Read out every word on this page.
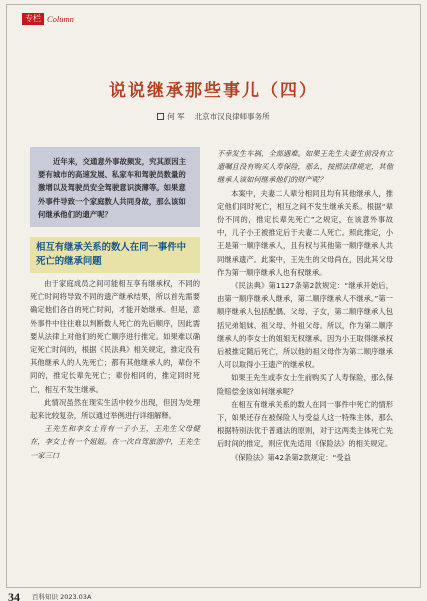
专栏 Column
说说继承那些事儿（四）
何 军 北京市汉良律师事务所
近年来，交通意外事故频发，究其原因主要有城市的高速发展、私家车和驾驶员数量的激增以及驾驶员安全驾驶意识淡薄等。如果意外事件导致一个家庭数人共同身故，那么该如何继承他们的遗产呢？
相互有继承关系的数人在同一事件中死亡的继承问题

由于家庭成员之间可能相互享有继承权，不同的死亡时间将导致不同的遗产继承结果，所以首先需要确定他们各自的死亡时间，才能开始继承。但是，意外事件中往往难以判断数人死亡的先后顺序，因此需要从法律上对他们的死亡顺序进行推定。如果难以确定死亡时间的，根据《民法典》相关规定，推定没有其他继承人的人先死亡；都有其他继承人的，辈份不同的，推定长辈先死亡；辈份相同的，推定同时死亡，相互不发生继承。

此情况虽然在现实生活中较少出现，但因为处理起来比较复杂，所以通过举例进行详细解释。

王先生和李女士育有一子小王，王先生父母健在，李女士有一个姐姐。在一次自驾旅游中，王先生一家三口

不幸发生车祸，全部遇难。如果王先生夫妻生前没有立遗嘱且没有购买人寿保险，那么，按照法律规定，其他继承人该如何继承他们的财产呢？

本案中，夫妻二人辈分相同且均有其他继承人，推定他们同时死亡，相互之间不发生继承关系。根据“辈份不同的，推定长辈先死亡”之规定，在该意外事故中，儿子小王被推定后于夫妻二人死亡。照此推定，小王是第一顺序继承人，且有权与其他第一顺序继承人共同继承遗产。此案中，王先生的父母尚在，因此其父母作为第一顺序继承人也有权继承。

《民法典》第1127条第2款规定：“继承开始后，由第一顺序继承人继承，第二顺序继承人不继承。”第一顺序继承人包括配偶、父母、子女，第二顺序继承人包括兄弟姐妹、祖父母、外祖父母。所以，作为第二顺序继承人的李女士的姐姐无权继承。因为小王取得继承权后被推定随后死亡，所以他的祖父母作为第二顺序继承人可以取得小王遗产的继承权。

如果王先生或李女士生前购买了人寿保险，那么保险赔偿金该如何继承呢？

在相互有继承关系的数人在同一事件中死亡的情形下，如果还存在被保险人与受益人这一特殊主体，那么根据特别法优于普通法的原则，对于这两类主体死亡先后时间的推定，则应优先适用《保险法》的相关规定。

《保险法》第42条第2款规定：“受益

34 百科知识 2023.03A
